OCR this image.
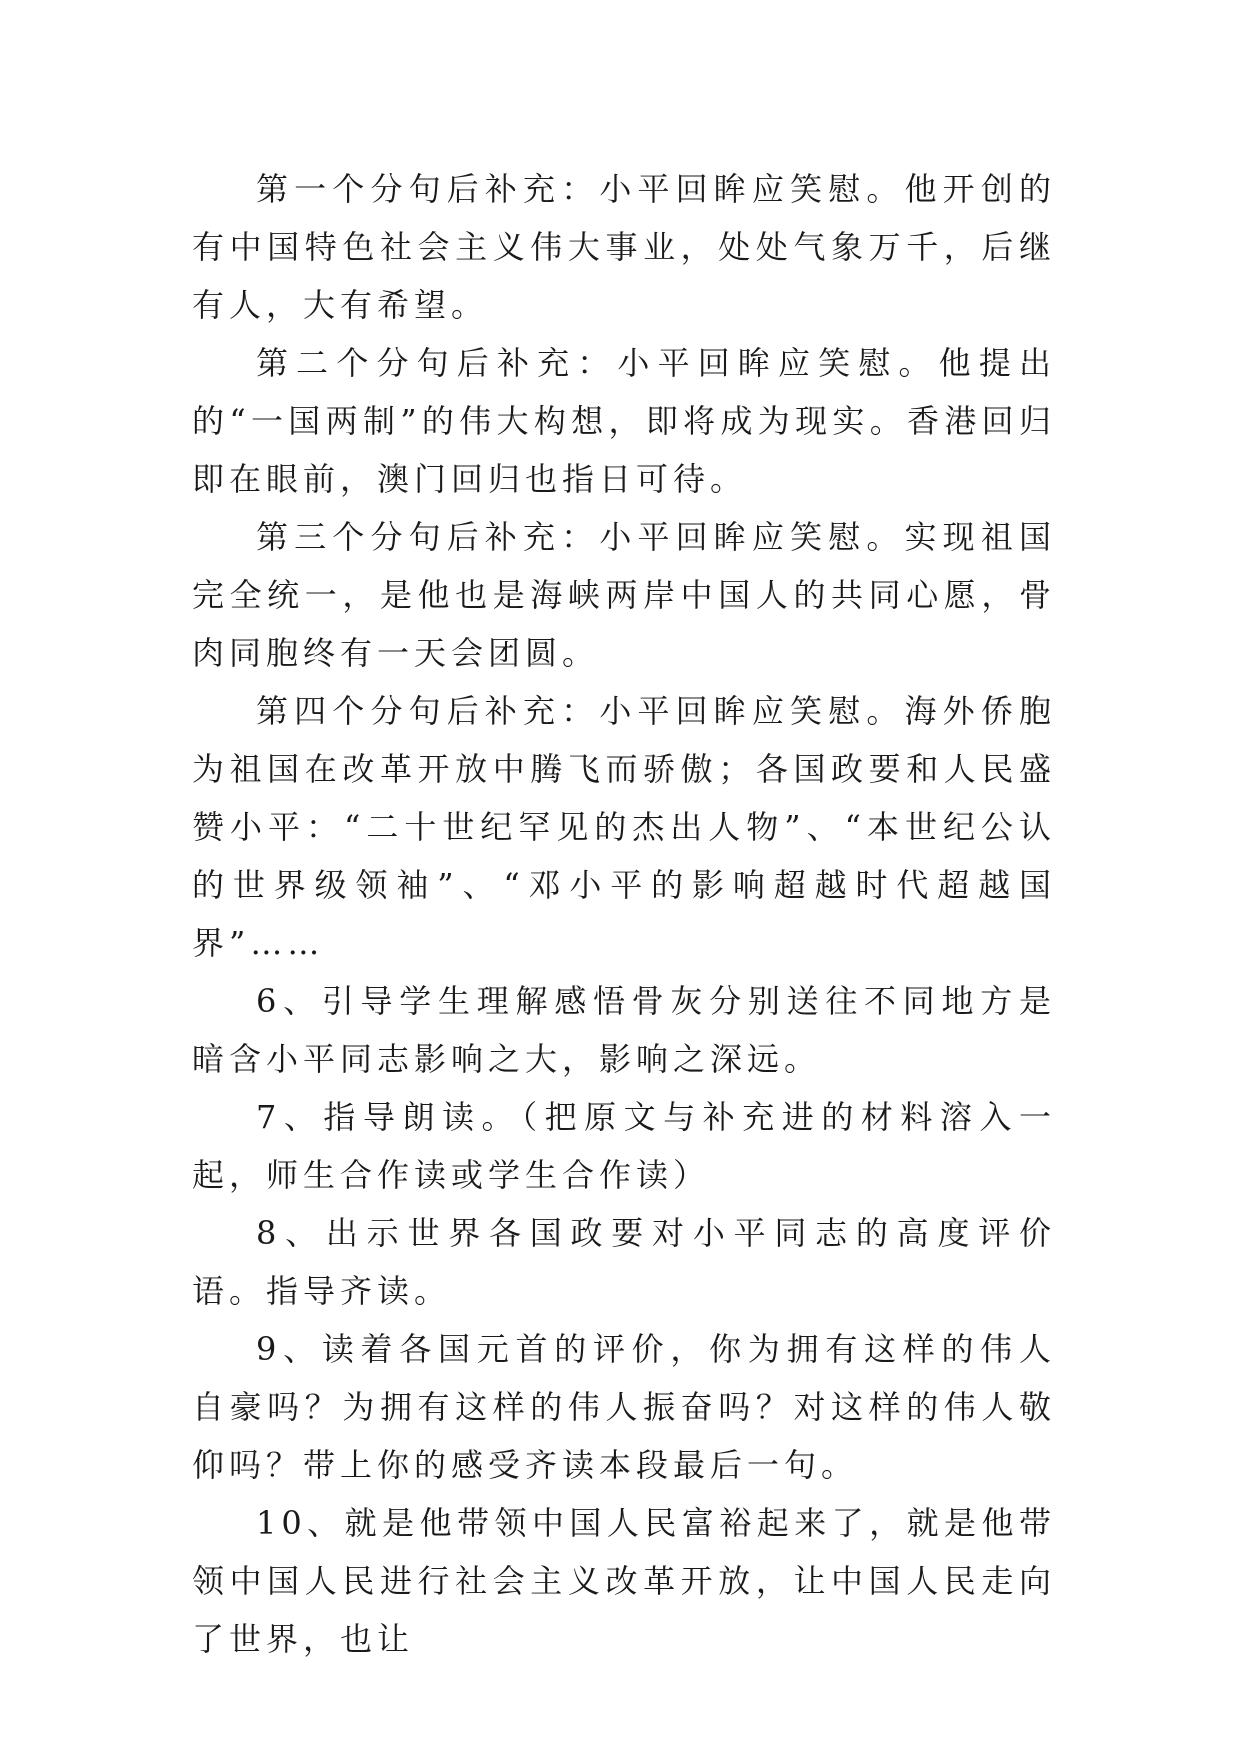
第一个分句后补充：小平回眸应笑慰。他开创的有中国特色社会主义伟大事业，处处气象万千，后继有人，大有希望。

第二个分句后补充：小平回眸应笑慰。他提出的“一国两制”的伟大构想，即将成为现实。香港回归即在眼前，澳门回归也指日可待。

第三个分句后补充：小平回眸应笑慰。实现祖国完全统一，是他也是海峡两岸中国人的共同心愿，骨肉同胞终有一天会团圆。

第四个分句后补充：小平回眸应笑慰。海外侨胞为祖国在改革开放中腾飞而骄傲；各国政要和人民盛赞小平：“二十世纪罕见的杰出人物”、“本世纪公认的世界级领袖”、“邓小平的影响超越时代超越国界”……

6、引导学生理解感悟骨灰分别送往不同地方是暗含小平同志影响之大，影响之深远。

7、指导朗读。（把原文与补充进的材料溶入一起，师生合作读或学生合作读）

8、出示世界各国政要对小平同志的高度评价语。指导齐读。

9、读着各国元首的评价，你为拥有这样的伟人自豪吗？为拥有这样的伟人振奋吗？对这样的伟人敬仰吗？带上你的感受齐读本段最后一句。

10、就是他带领中国人民富裕起来了，就是他带领中国人民进行社会主义改革开放，让中国人民走向了世界，也让
